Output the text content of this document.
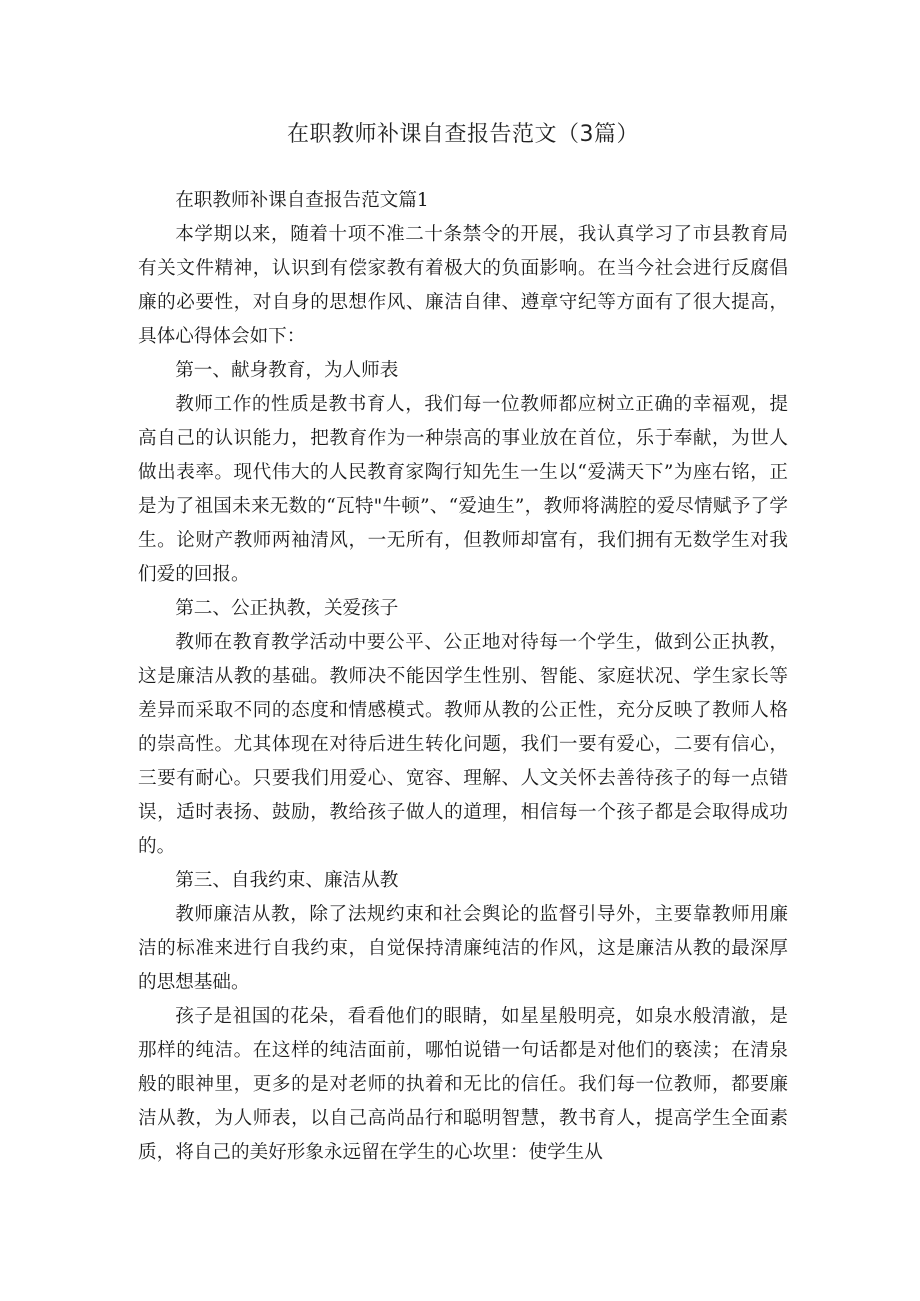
在职教师补课自查报告范文（3篇）

在职教师补课自查报告范文篇1

本学期以来，随着十项不准二十条禁令的开展，我认真学习了市县教育局有关文件精神，认识到有偿家教有着极大的负面影响。在当今社会进行反腐倡廉的必要性，对自身的思想作风、廉洁自律、遵章守纪等方面有了很大提高，具体心得体会如下：

第一、献身教育，为人师表

教师工作的性质是教书育人，我们每一位教师都应树立正确的幸福观，提高自己的认识能力，把教育作为一种崇高的事业放在首位，乐于奉献，为世人做出表率。现代伟大的人民教育家陶行知先生一生以“爱满天下”为座右铭，正是为了祖国未来无数的“瓦特"牛顿”、“爱迪生”，教师将满腔的爱尽情赋予了学生。论财产教师两袖清风，一无所有，但教师却富有，我们拥有无数学生对我们爱的回报。

第二、公正执教，关爱孩子

教师在教育教学活动中要公平、公正地对待每一个学生，做到公正执教，这是廉洁从教的基础。教师决不能因学生性别、智能、家庭状况、学生家长等差异而采取不同的态度和情感模式。教师从教的公正性，充分反映了教师人格的崇高性。尤其体现在对待后进生转化问题，我们一要有爱心，二要有信心，三要有耐心。只要我们用爱心、宽容、理解、人文关怀去善待孩子的每一点错误，适时表扬、鼓励，教给孩子做人的道理，相信每一个孩子都是会取得成功的。

第三、自我约束、廉洁从教

教师廉洁从教，除了法规约束和社会舆论的监督引导外，主要靠教师用廉洁的标准来进行自我约束，自觉保持清廉纯洁的作风，这是廉洁从教的最深厚的思想基础。

孩子是祖国的花朵，看看他们的眼睛，如星星般明亮，如泉水般清澈，是那样的纯洁。在这样的纯洁面前，哪怕说错一句话都是对他们的亵渎；在清泉般的眼神里，更多的是对老师的执着和无比的信任。我们每一位教师，都要廉洁从教，为人师表，以自己高尚品行和聪明智慧，教书育人，提高学生全面素质，将自己的美好形象永远留在学生的心坎里：使学生从
